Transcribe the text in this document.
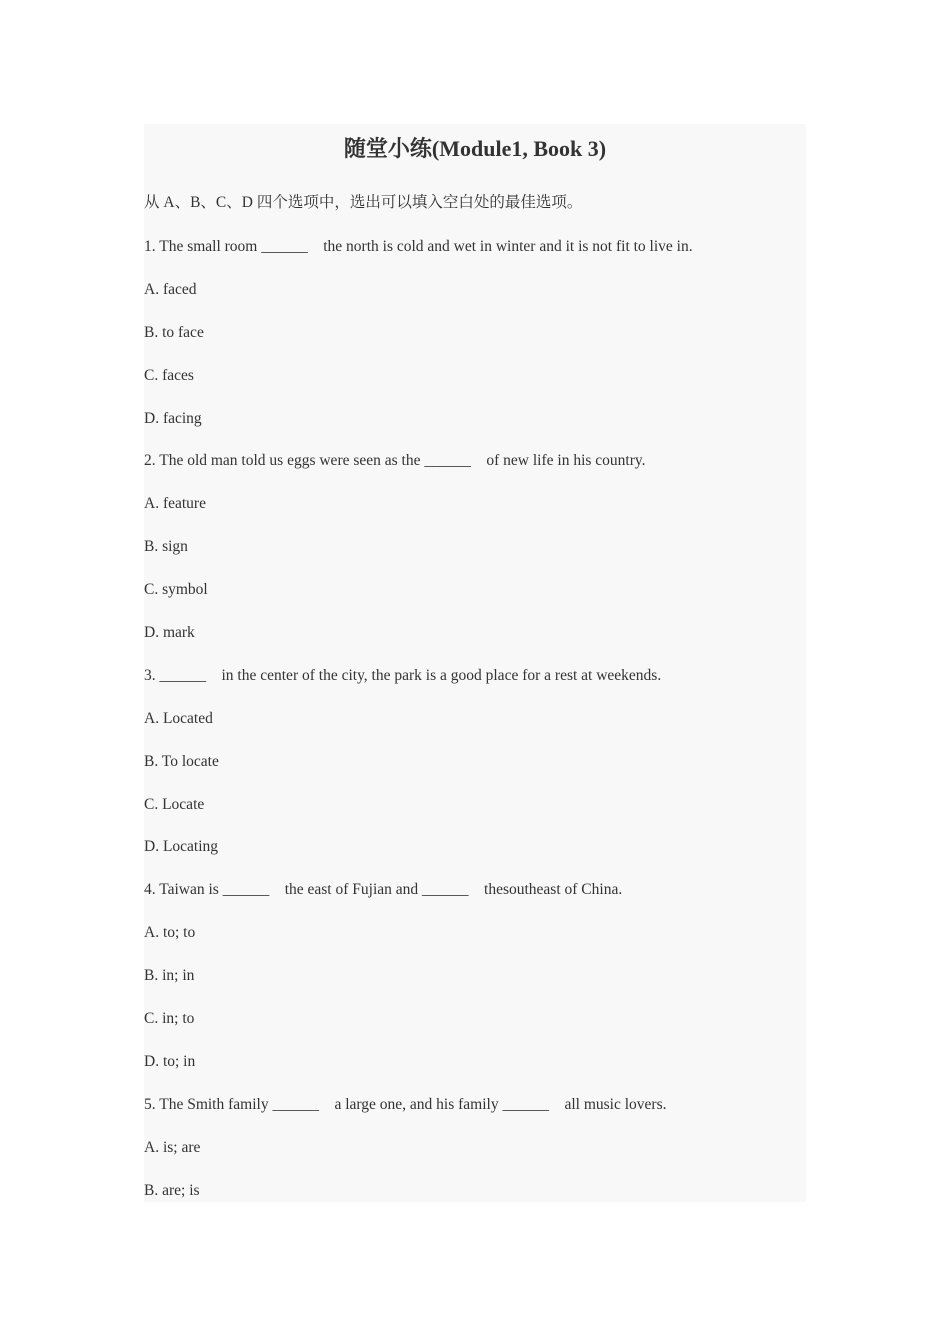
随堂小练(Module1, Book 3)
从 A、B、C、D 四个选项中，选出可以填入空白处的最佳选项。
1. The small room ______　the north is cold and wet in winter and it is not fit to live in.
A. faced
B. to face
C. faces
D. facing
2. The old man told us eggs were seen as the ______　of new life in his country.
A. feature
B. sign
C. symbol
D. mark
3. ______　in the center of the city, the park is a good place for a rest at weekends.
A. Located
B. To locate
C. Locate
D. Locating
4. Taiwan is ______　the east of Fujian and ______　thesoutheast of China.
A. to; to
B. in; in
C. in; to
D. to; in
5. The Smith family ______　a large one, and his family ______　all music lovers.
A. is; are
B. are; is
